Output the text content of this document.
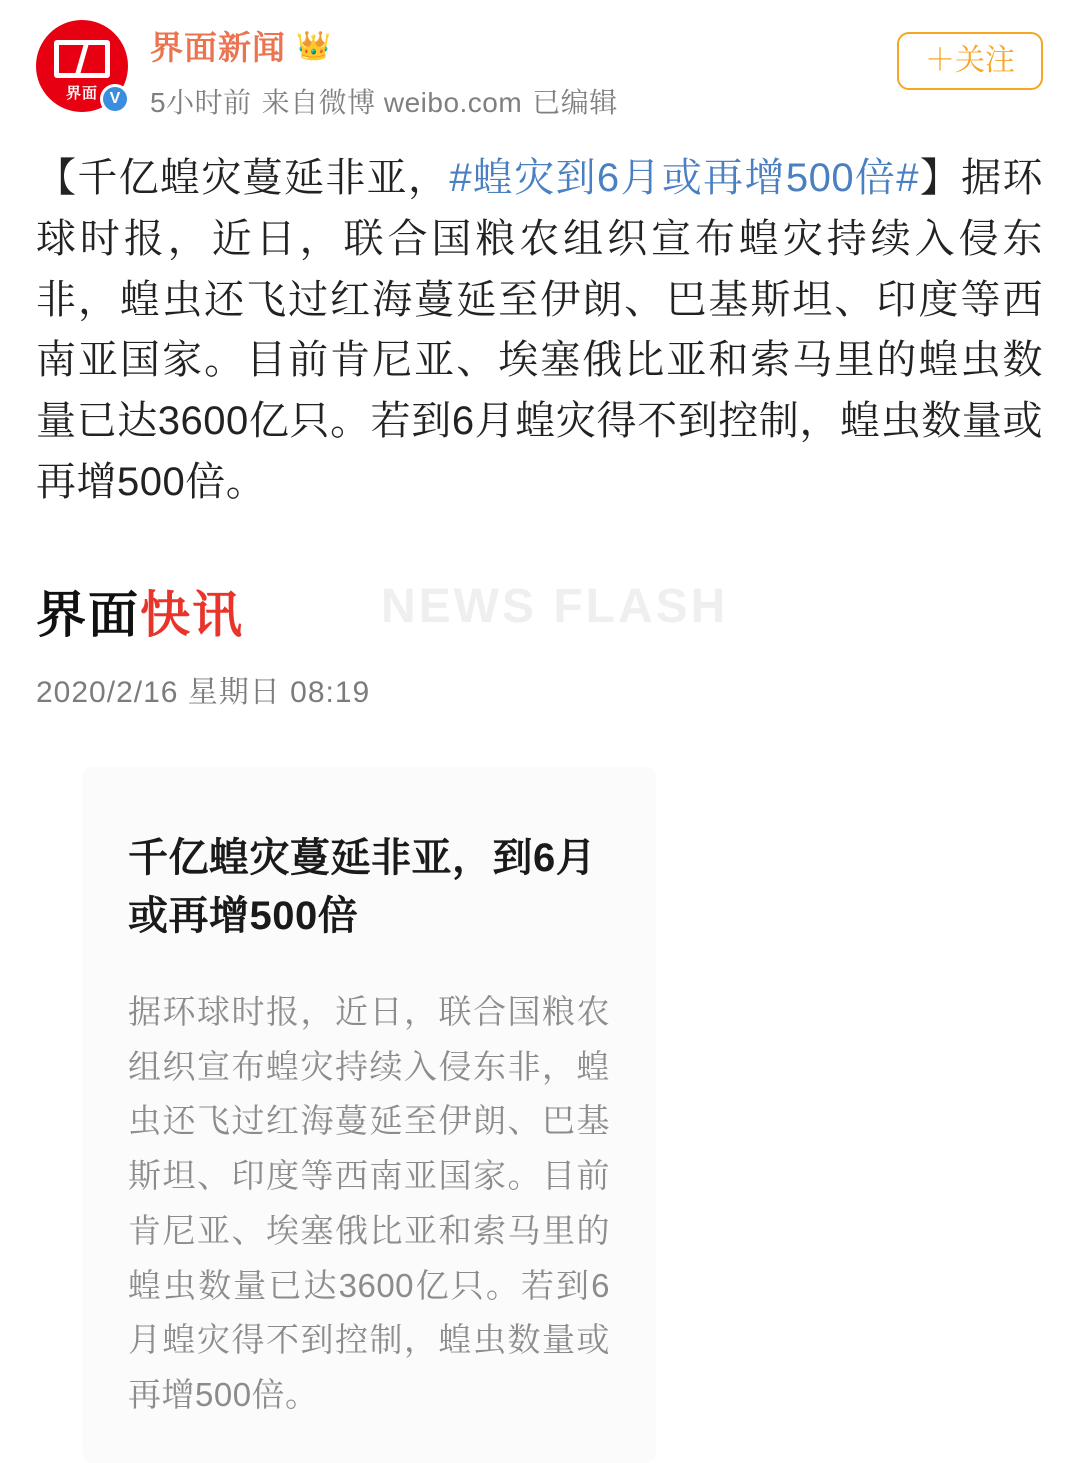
界面 V
界面新闻 👑
5小时前 来自微博 weibo.com 已编辑
＋关注
【千亿蝗灾蔓延非亚，#蝗灾到6月或再增500倍#】据环球时报，近日，联合国粮农组织宣布蝗灾持续入侵东非，蝗虫还飞过红海蔓延至伊朗、巴基斯坦、印度等西南亚国家。目前肯尼亚、埃塞俄比亚和索马里的蝗虫数量已达3600亿只。若到6月蝗灾得不到控制，蝗虫数量或再增500倍。
NEWS FLASH
界面 快讯
2020/2/16 星期日 08:19
千亿蝗灾蔓延非亚，到6月或再增500倍
据环球时报，近日，联合国粮农组织宣布蝗灾持续入侵东非，蝗虫还飞过红海蔓延至伊朗、巴基斯坦、印度等西南亚国家。目前肯尼亚、埃塞俄比亚和索马里的蝗虫数量已达3600亿只。若到6月蝗灾得不到控制，蝗虫数量或再增500倍。
